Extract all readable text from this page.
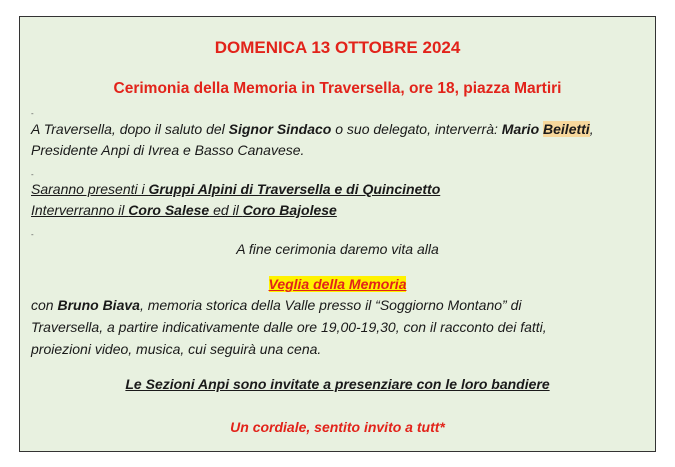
DOMENICA 13 OTTOBRE 2024
Cerimonia della Memoria in Traversella, ore 18, piazza Martiri
-
A Traversella, dopo il saluto del Signor Sindaco o suo delegato, interverrà: Mario Beiletti,
Presidente Anpi di Ivrea e Basso Canavese.
-
Saranno presenti i Gruppi Alpini di Traversella e di Quincinetto
Interverranno il Coro Salese ed il Coro Bajolese
-
A fine cerimonia daremo vita alla
Veglia della Memoria
con Bruno Biava, memoria storica della Valle presso il “Soggiorno Montano” di
Traversella, a partire indicativamente dalle ore 19,00-19,30, con il racconto dei fatti,
proiezioni video, musica, cui seguirà una cena.
Le Sezioni Anpi sono invitate a presenziare con le loro bandiere
Un cordiale, sentito invito a tutt*
